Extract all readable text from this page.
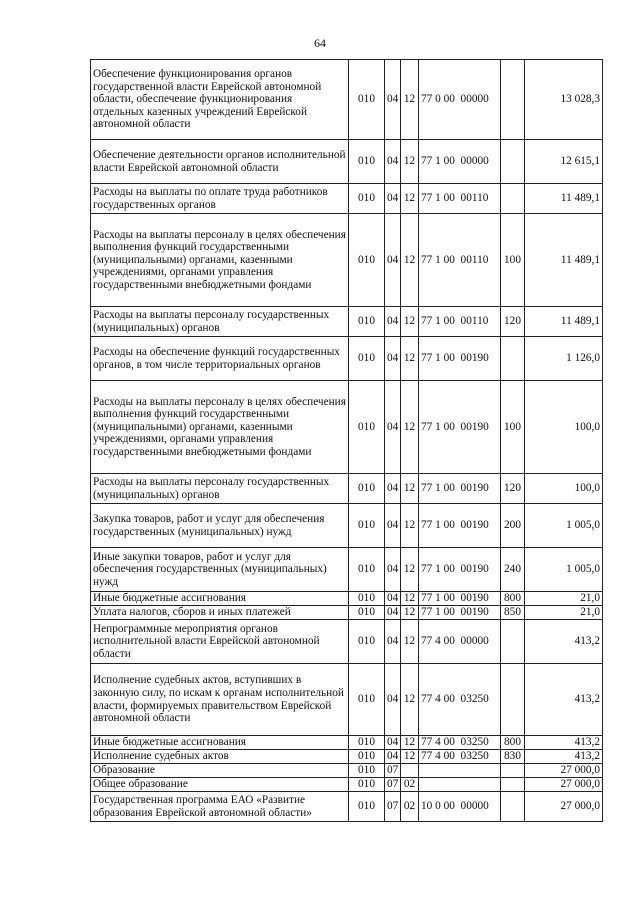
64
Обеспечение функционирования органов государственной власти Еврейской автономной области, обеспечение функционирования отдельных казенных учреждений Еврейской автономной области	010	04	12	77 0 00  00000		13 028,3
Обеспечение деятельности органов исполнительной власти Еврейской автономной области	010	04	12	77 1 00  00000		12 615,1
Расходы на выплаты по оплате труда работников государственных органов	010	04	12	77 1 00  00110		11 489,1
Расходы на выплаты персоналу в целях обеспечения выполнения функций государственными (муниципальными) органами, казенными учреждениями, органами управления государственными внебюджетными фондами	010	04	12	77 1 00  00110	100	11 489,1
Расходы на выплаты персоналу государственных (муниципальных) органов	010	04	12	77 1 00  00110	120	11 489,1
Расходы на обеспечение функций государственных органов, в том числе территориальных органов	010	04	12	77 1 00  00190		1 126,0
Расходы на выплаты персоналу в целях обеспечения выполнения функций государственными (муниципальными) органами, казенными учреждениями, органами управления государственными внебюджетными фондами	010	04	12	77 1 00  00190	100	100,0
Расходы на выплаты персоналу государственных (муниципальных) органов	010	04	12	77 1 00  00190	120	100,0
Закупка товаров, работ и услуг для обеспечения государственных (муниципальных) нужд	010	04	12	77 1 00  00190	200	1 005,0
Иные закупки товаров, работ и услуг для обеспечения государственных (муниципальных) нужд	010	04	12	77 1 00  00190	240	1 005,0
Иные бюджетные ассигнования	010	04	12	77 1 00  00190	800	21,0
Уплата налогов, сборов и иных платежей	010	04	12	77 1 00  00190	850	21,0
Непрограммные мероприятия органов исполнительной власти Еврейской автономной области	010	04	12	77 4 00  00000		413,2
Исполнение судебных актов, вступивших в законную силу, по искам к органам исполнительной власти, формируемых правительством Еврейской автономной области	010	04	12	77 4 00  03250		413,2
Иные бюджетные ассигнования	010	04	12	77 4 00  03250	800	413,2
Исполнение судебных актов	010	04	12	77 4 00  03250	830	413,2
Образование	010	07				27 000,0
Общее образование	010	07	02			27 000,0
Государственная программа ЕАО «Развитие образования Еврейской автономной области»	010	07	02	10 0 00  00000		27 000,0
